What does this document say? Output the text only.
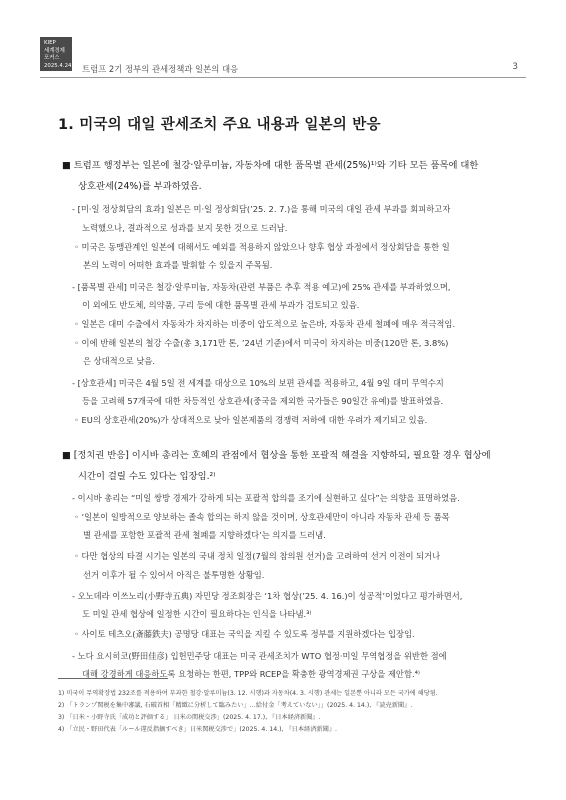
KIEP
세계경제
포커스
2025.4.24. 트럼프 2기 정부의 관세정책과 일본의 대응	3
1. 미국의 대일 관세조치 주요 내용과 일본의 반응
■ 트럼프 행정부는 일본에 철강·알루미늄, 자동차에 대한 품목별 관세(25%)¹⁾와 기타 모든 품목에 대한
상호관세(24%)를 부과하였음.
- [미·일 정상회담의 효과] 일본은 미·일 정상회담(’25. 2. 7.)을 통해 미국의 대일 관세 부과를 회피하고자
노력했으나, 결과적으로 성과를 보지 못한 것으로 드러남.
◦ 미국은 동맹관계인 일본에 대해서도 예외를 적용하지 않았으나 향후 협상 과정에서 정상회담을 통한 일
본의 노력이 어떠한 효과를 발휘할 수 있을지 주목됨.
- [품목별 관세] 미국은 철강·알루미늄, 자동차(관련 부품은 추후 적용 예고)에 25% 관세를 부과하였으며,
이 외에도 반도체, 의약품, 구리 등에 대한 품목별 관세 부과가 검토되고 있음.
◦ 일본은 대미 수출에서 자동차가 차지하는 비중이 압도적으로 높은바, 자동차 관세 철폐에 매우 적극적임.
◦ 이에 반해 일본의 철강 수출(총 3,171만 톤, ’24년 기준)에서 미국이 차지하는 비중(120만 톤, 3.8%)
은 상대적으로 낮음.
- [상호관세] 미국은 4월 5일 전 세계를 대상으로 10%의 보편 관세를 적용하고, 4월 9일 대미 무역수지
등을 고려해 57개국에 대한 차등적인 상호관세(중국을 제외한 국가들은 90일간 유예)를 발표하였음.
◦ EU의 상호관세(20%)가 상대적으로 낮아 일본제품의 경쟁력 저하에 대한 우려가 제기되고 있음.
■ [정치권 반응] 이시바 총리는 호혜의 관점에서 협상을 통한 포괄적 해결을 지향하되, 필요할 경우 협상에
시간이 걸릴 수도 있다는 입장임.²⁾
- 이시바 총리는 “미일 쌍방 경제가 강하게 되는 포괄적 합의를 조기에 실현하고 싶다”는 의향을 표명하였음.
◦ ‘일본이 일방적으로 양보하는 졸속 합의는 하지 않을 것이며, 상호관세만이 아니라 자동차 관세 등 품목
별 관세를 포함한 포괄적 관세 철폐를 지향하겠다’는 의지를 드러냄.
◦ 다만 협상의 타결 시기는 일본의 국내 정치 일정(7월의 참의원 선거)을 고려하여 선거 이전이 되거나
선거 이후가 될 수 있어서 아직은 불투명한 상황임.
- 오노데라 이쓰노리(小野寺五典) 자민당 정조회장은 ‘1차 협상(’25. 4. 16.)이 성공적’이었다고 평가하면서,
도 미일 관세 협상에 일정한 시간이 필요하다는 인식을 나타냄.³⁾
◦ 사이토 테츠오(斎藤鉄夫) 공명당 대표는 국익을 지킬 수 있도록 정부를 지원하겠다는 입장임.
- 노다 요시히코(野田佳彦) 입헌민주당 대표는 미국 관세조치가 WTO 협정·미일 무역협정을 위반한 점에
대해 강경하게 대응하도록 요청하는 한편, TPP와 RCEP을 확충한 광역경제권 구상을 제안함.⁴⁾
1) 미국이 무역확장법 232조를 적용하여 부과한 철강·알루미늄(3. 12. 시행)과 자동차(4. 3. 시행) 관세는 일본뿐 아니라 모든 국가에 해당됨.
2) 「トランプ関税を集中審議, 石破首相「精緻に分析して臨みたい」…給付金「考えていない」」(2025. 4. 14.), 『読売新聞』.
3) 「日米・小野寺氏「成功と評価する」 日米の関税交渉」(2025. 4. 17.), 『日本経済新聞』.
4) 「立民・野田代表「ルール違反指摘すべき」日米関税交渉で」(2025. 4. 14.), 『日本経済新聞』.
